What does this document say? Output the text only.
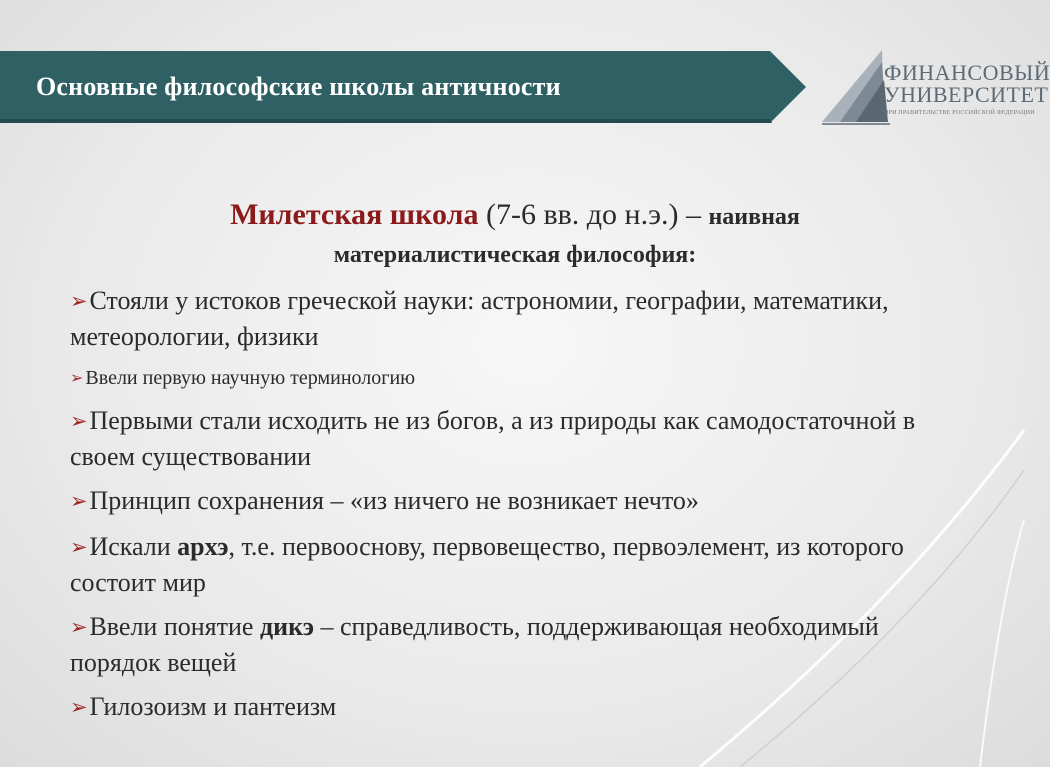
Основные философские школы античности	ФИНАНСОВЫЙ
УНИВЕРСИТЕТ
ПРИ ПРАВИТЕЛЬСТВЕ РОССИЙСКОЙ ФЕДЕРАЦИИ
Милетская школа (7-6 вв. до н.э.) – наивная
материалистическая философия:
➢Стояли у истоков греческой науки: астрономии, географии, математики, метеорологии, физики
➢ Ввели первую научную терминологию
➢Первыми стали исходить не из богов, а из природы как самодостаточной в своем существовании
➢Принцип сохранения – «из ничего не возникает нечто»
➢Искали архэ, т.е. первооснову, первовещество, первоэлемент, из которого состоит мир
➢Ввели понятие дикэ – справедливость, поддерживающая необходимый порядок вещей
➢Гилозоизм и пантеизм
